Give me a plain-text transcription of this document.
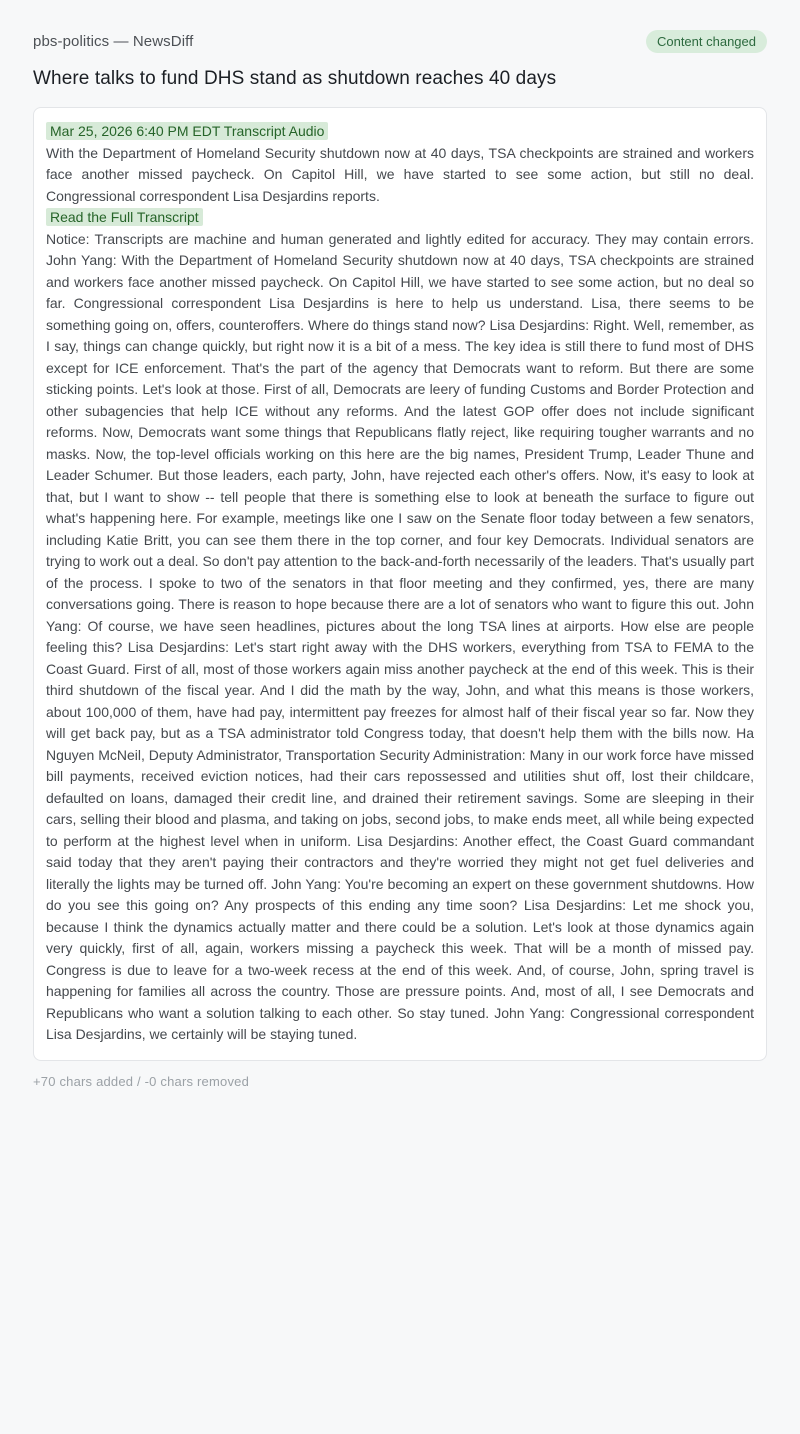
pbs-politics — NewsDiff	Content changed
Where talks to fund DHS stand as shutdown reaches 40 days

Mar 25, 2026 6:40 PM EDT Transcript Audio

With the Department of Homeland Security shutdown now at 40 days, TSA checkpoints are strained and workers face another missed paycheck. On Capitol Hill, we have started to see some action, but still no deal. Congressional correspondent Lisa Desjardins reports.

Read the Full Transcript

Notice: Transcripts are machine and human generated and lightly edited for accuracy. They may contain errors. John Yang: With the Department of Homeland Security shutdown now at 40 days, TSA checkpoints are strained and workers face another missed paycheck. On Capitol Hill, we have started to see some action, but no deal so far. Congressional correspondent Lisa Desjardins is here to help us understand. Lisa, there seems to be something going on, offers, counteroffers. Where do things stand now? Lisa Desjardins: Right. Well, remember, as I say, things can change quickly, but right now it is a bit of a mess. The key idea is still there to fund most of DHS except for ICE enforcement. That's the part of the agency that Democrats want to reform. But there are some sticking points. Let's look at those. First of all, Democrats are leery of funding Customs and Border Protection and other subagencies that help ICE without any reforms. And the latest GOP offer does not include significant reforms. Now, Democrats want some things that Republicans flatly reject, like requiring tougher warrants and no masks. Now, the top-level officials working on this here are the big names, President Trump, Leader Thune and Leader Schumer. But those leaders, each party, John, have rejected each other's offers. Now, it's easy to look at that, but I want to show -- tell people that there is something else to look at beneath the surface to figure out what's happening here. For example, meetings like one I saw on the Senate floor today between a few senators, including Katie Britt, you can see them there in the top corner, and four key Democrats. Individual senators are trying to work out a deal. So don't pay attention to the back-and-forth necessarily of the leaders. That's usually part of the process. I spoke to two of the senators in that floor meeting and they confirmed, yes, there are many conversations going. There is reason to hope because there are a lot of senators who want to figure this out. John Yang: Of course, we have seen headlines, pictures about the long TSA lines at airports. How else are people feeling this? Lisa Desjardins: Let's start right away with the DHS workers, everything from TSA to FEMA to the Coast Guard. First of all, most of those workers again miss another paycheck at the end of this week. This is their third shutdown of the fiscal year. And I did the math by the way, John, and what this means is those workers, about 100,000 of them, have had pay, intermittent pay freezes for almost half of their fiscal year so far. Now they will get back pay, but as a TSA administrator told Congress today, that doesn't help them with the bills now. Ha Nguyen McNeil, Deputy Administrator, Transportation Security Administration: Many in our work force have missed bill payments, received eviction notices, had their cars repossessed and utilities shut off, lost their childcare, defaulted on loans, damaged their credit line, and drained their retirement savings. Some are sleeping in their cars, selling their blood and plasma, and taking on jobs, second jobs, to make ends meet, all while being expected to perform at the highest level when in uniform. Lisa Desjardins: Another effect, the Coast Guard commandant said today that they aren't paying their contractors and they're worried they might not get fuel deliveries and literally the lights may be turned off. John Yang: You're becoming an expert on these government shutdowns. How do you see this going on? Any prospects of this ending any time soon? Lisa Desjardins: Let me shock you, because I think the dynamics actually matter and there could be a solution. Let's look at those dynamics again very quickly, first of all, again, workers missing a paycheck this week. That will be a month of missed pay. Congress is due to leave for a two-week recess at the end of this week. And, of course, John, spring travel is happening for families all across the country. Those are pressure points. And, most of all, I see Democrats and Republicans who want a solution talking to each other. So stay tuned. John Yang: Congressional correspondent Lisa Desjardins, we certainly will be staying tuned.

+70 chars added / -0 chars removed
